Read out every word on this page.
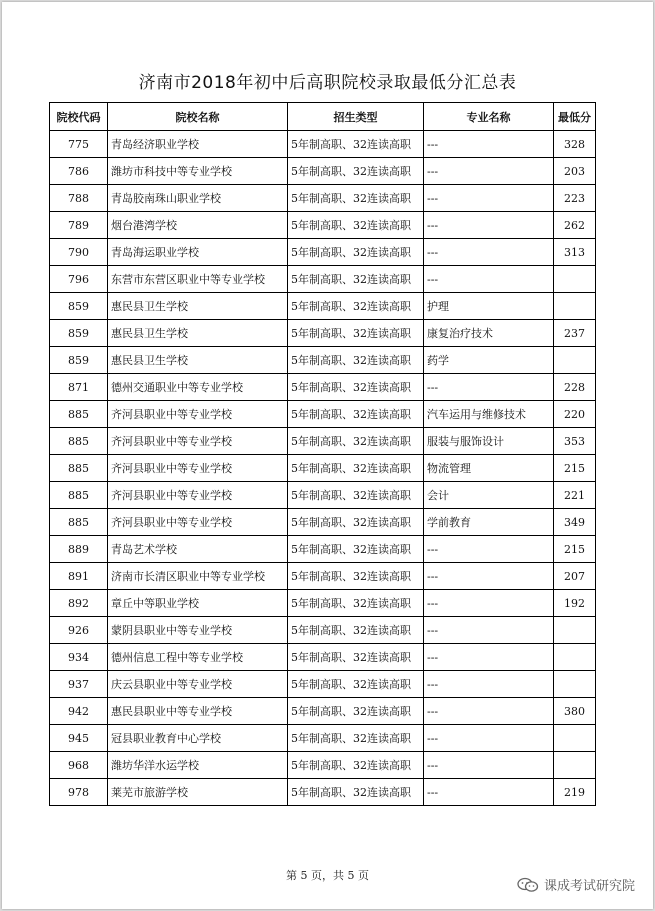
济南市2018年初中后高职院校录取最低分汇总表
院校代码	院校名称	招生类型	专业名称	最低分
775	青岛经济职业学校	5年制高职、32连读高职	---	328
786	潍坊市科技中等专业学校	5年制高职、32连读高职	---	203
788	青岛胶南珠山职业学校	5年制高职、32连读高职	---	223
789	烟台港湾学校	5年制高职、32连读高职	---	262
790	青岛海运职业学校	5年制高职、32连读高职	---	313
796	东营市东营区职业中等专业学校	5年制高职、32连读高职	---	
859	惠民县卫生学校	5年制高职、32连读高职	护理	
859	惠民县卫生学校	5年制高职、32连读高职	康复治疗技术	237
859	惠民县卫生学校	5年制高职、32连读高职	药学	
871	德州交通职业中等专业学校	5年制高职、32连读高职	---	228
885	齐河县职业中等专业学校	5年制高职、32连读高职	汽车运用与维修技术	220
885	齐河县职业中等专业学校	5年制高职、32连读高职	服装与服饰设计	353
885	齐河县职业中等专业学校	5年制高职、32连读高职	物流管理	215
885	齐河县职业中等专业学校	5年制高职、32连读高职	会计	221
885	齐河县职业中等专业学校	5年制高职、32连读高职	学前教育	349
889	青岛艺术学校	5年制高职、32连读高职	---	215
891	济南市长清区职业中等专业学校	5年制高职、32连读高职	---	207
892	章丘中等职业学校	5年制高职、32连读高职	---	192
926	蒙阴县职业中等专业学校	5年制高职、32连读高职	---	
934	德州信息工程中等专业学校	5年制高职、32连读高职	---	
937	庆云县职业中等专业学校	5年制高职、32连读高职	---	
942	惠民县职业中等专业学校	5年制高职、32连读高职	---	380
945	冠县职业教育中心学校	5年制高职、32连读高职	---	
968	潍坊华洋水运学校	5年制高职、32连读高职	---	
978	莱芜市旅游学校	5年制高职、32连读高职	---	219
第 5 页，共 5 页
课成考试研究院
